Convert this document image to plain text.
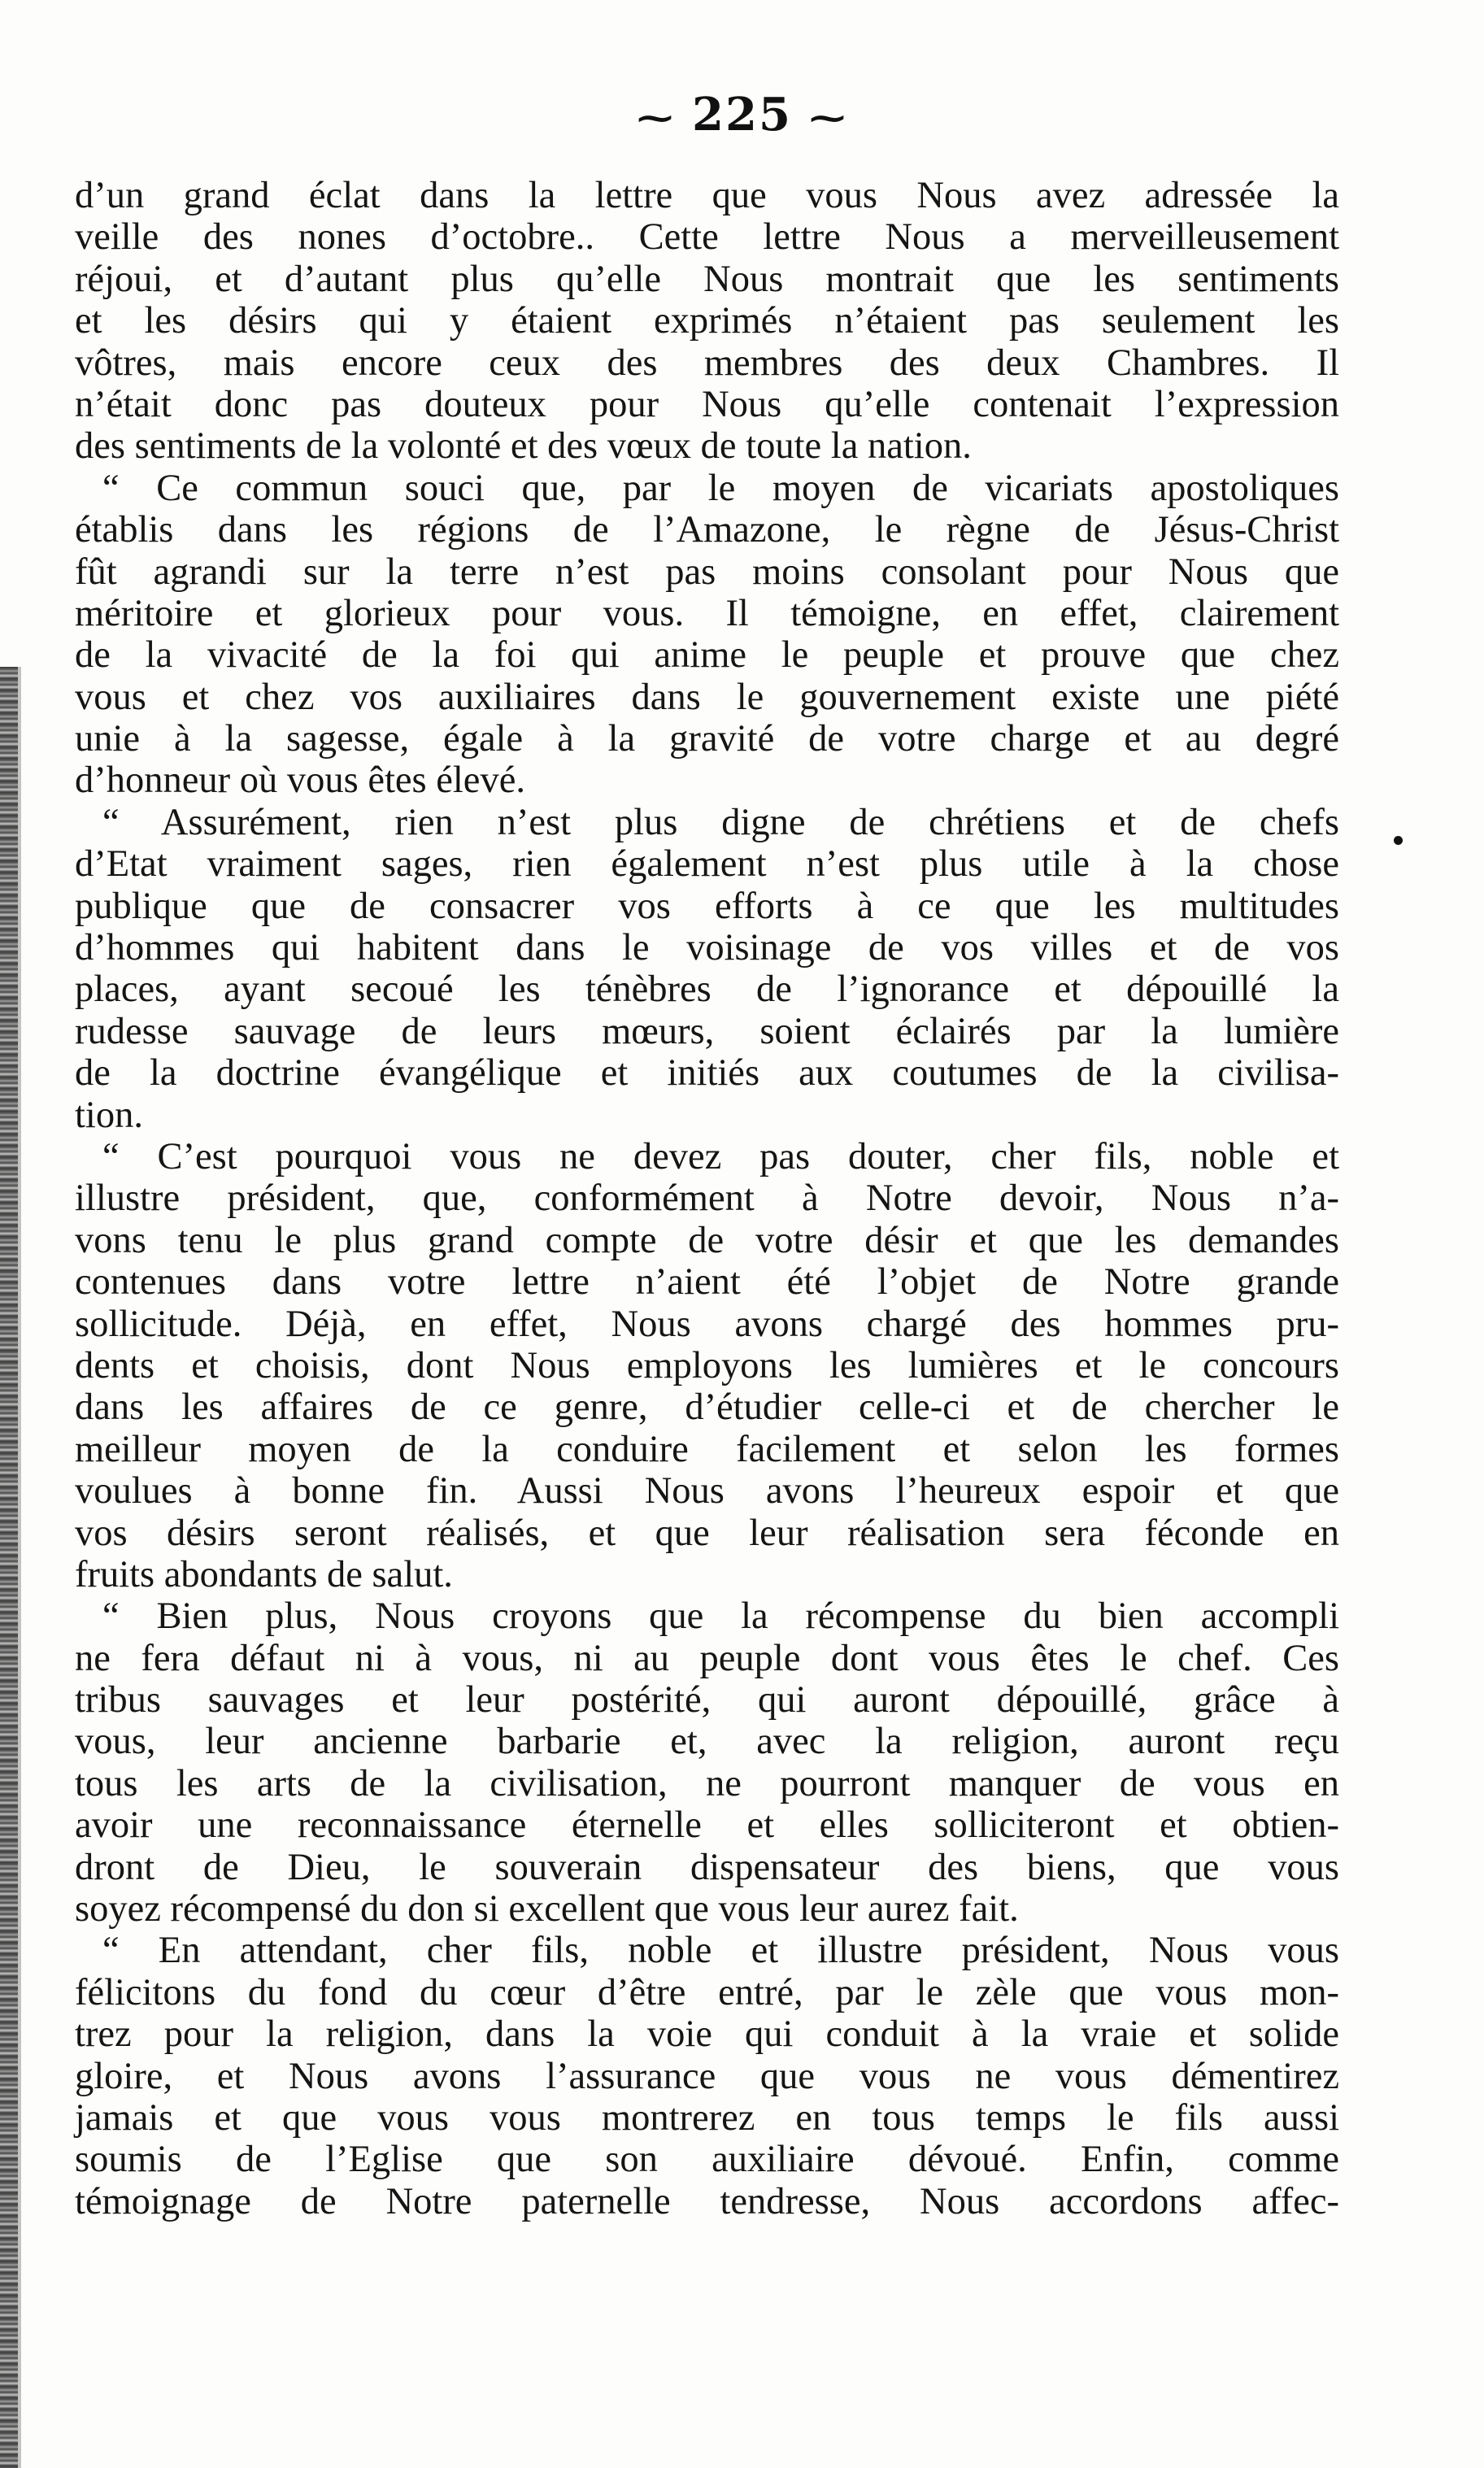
⁓ 225 ⁓
d’un grand éclat dans la lettre que vous Nous avez adressée la
veille des nones d’octobre.. Cette lettre Nous a merveilleusement
réjoui, et d’autant plus qu’elle Nous montrait que les sentiments
et les désirs qui y étaient exprimés n’étaient pas seulement les
vôtres, mais encore ceux des membres des deux Chambres. Il
n’était donc pas douteux pour Nous qu’elle contenait l’expression
des sentiments de la volonté et des vœux de toute la nation.
“ Ce commun souci que, par le moyen de vicariats apostoliques
établis dans les régions de l’Amazone, le règne de Jésus-Christ
fût agrandi sur la terre n’est pas moins consolant pour Nous que
méritoire et glorieux pour vous. Il témoigne, en effet, clairement
de la vivacité de la foi qui anime le peuple et prouve que chez
vous et chez vos auxiliaires dans le gouvernement existe une piété
unie à la sagesse, égale à la gravité de votre charge et au degré
d’honneur où vous êtes élevé.
“ Assurément, rien n’est plus digne de chrétiens et de chefs
d’Etat vraiment sages, rien également n’est plus utile à la chose
publique que de consacrer vos efforts à ce que les multitudes
d’hommes qui habitent dans le voisinage de vos villes et de vos
places, ayant secoué les ténèbres de l’ignorance et dépouillé la
rudesse sauvage de leurs mœurs, soient éclairés par la lumière
de la doctrine évangélique et initiés aux coutumes de la civilisa-
tion.
“ C’est pourquoi vous ne devez pas douter, cher fils, noble et
illustre président, que, conformément à Notre devoir, Nous n’a-
vons tenu le plus grand compte de votre désir et que les demandes
contenues dans votre lettre n’aient été l’objet de Notre grande
sollicitude. Déjà, en effet, Nous avons chargé des hommes pru-
dents et choisis, dont Nous employons les lumières et le concours
dans les affaires de ce genre, d’étudier celle-ci et de chercher le
meilleur moyen de la conduire facilement et selon les formes
voulues à bonne fin. Aussi Nous avons l’heureux espoir et que
vos désirs seront réalisés, et que leur réalisation sera féconde en
fruits abondants de salut.
“ Bien plus, Nous croyons que la récompense du bien accompli
ne fera défaut ni à vous, ni au peuple dont vous êtes le chef. Ces
tribus sauvages et leur postérité, qui auront dépouillé, grâce à
vous, leur ancienne barbarie et, avec la religion, auront reçu
tous les arts de la civilisation, ne pourront manquer de vous en
avoir une reconnaissance éternelle et elles solliciteront et obtien-
dront de Dieu, le souverain dispensateur des biens, que vous
soyez récompensé du don si excellent que vous leur aurez fait.
“ En attendant, cher fils, noble et illustre président, Nous vous
félicitons du fond du cœur d’être entré, par le zèle que vous mon-
trez pour la religion, dans la voie qui conduit à la vraie et solide
gloire, et Nous avons l’assurance que vous ne vous démentirez
jamais et que vous vous montrerez en tous temps le fils aussi
soumis de l’Eglise que son auxiliaire dévoué. Enfin, comme
témoignage de Notre paternelle tendresse, Nous accordons affec-
